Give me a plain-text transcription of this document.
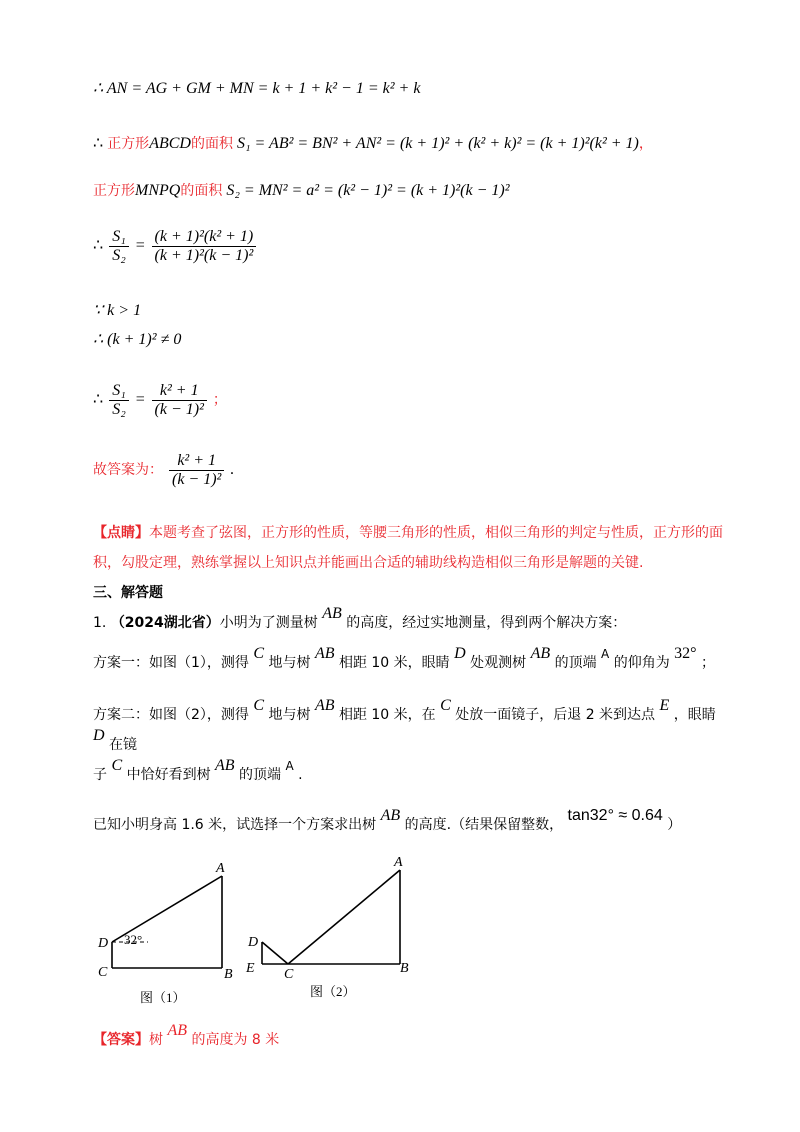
∴ AN = AG + GM + MN = k + 1 + k² − 1 = k² + k
∴ 正方形ABCD的面积 S₁ = AB² = BN² + AN² = (k + 1)² + (k² + k)² = (k + 1)²(k² + 1)，
正方形MNPQ的面积 S₂ = MN² = a² = (k² − 1)² = (k + 1)²(k − 1)²
∴ $\frac{\text{S₁}}{\text{S₂}} = \frac{\text{(k + 1)²(k² + 1)}}{\text{(k + 1)²(k − 1)²}}$
∵ k > 1
∴ (k + 1)² ≠ 0
∴ $\frac{\text{S₁}}{\text{S₂}} = \frac{\text{k² + 1}}{\text{(k − 1)²}}$ ；
故答案为： $\frac{\text{k² + 1}}{\text{(k − 1)²}}$ .
【点睛】本题考查了弦图，正方形的性质，等腰三角形的性质，相似三角形的判定与性质，正方形的面积，勾股定理，熟练掌握以上知识点并能画出合适的辅助线构造相似三角形是解题的关键.
三、解答题
1. （2024湖北省）小明为了测量树 AB 的高度，经过实地测量，得到两个解决方案：
方案一：如图（1），测得 C 地与树 AB 相距 10 米，眼睛 D 处观测树 AB 的顶端 A 的仰角为 32° ；
方案二：如图（2），测得 C 地与树 AB 相距 10 米，在 C 处放一面镜子，后退 2 米到达点 E ，眼睛 D 在镜
子 C 中恰好看到树 AB 的顶端 A .
已知小明身高 1.6 米，试选择一个方案求出树 AB 的高度.（结果保留整数， tan32° ≈ 0.64 ）
A
B
C
D 32°
图（1）
A
B
C
D
E
图（2）
【答案】树 AB 的高度为 8 米
